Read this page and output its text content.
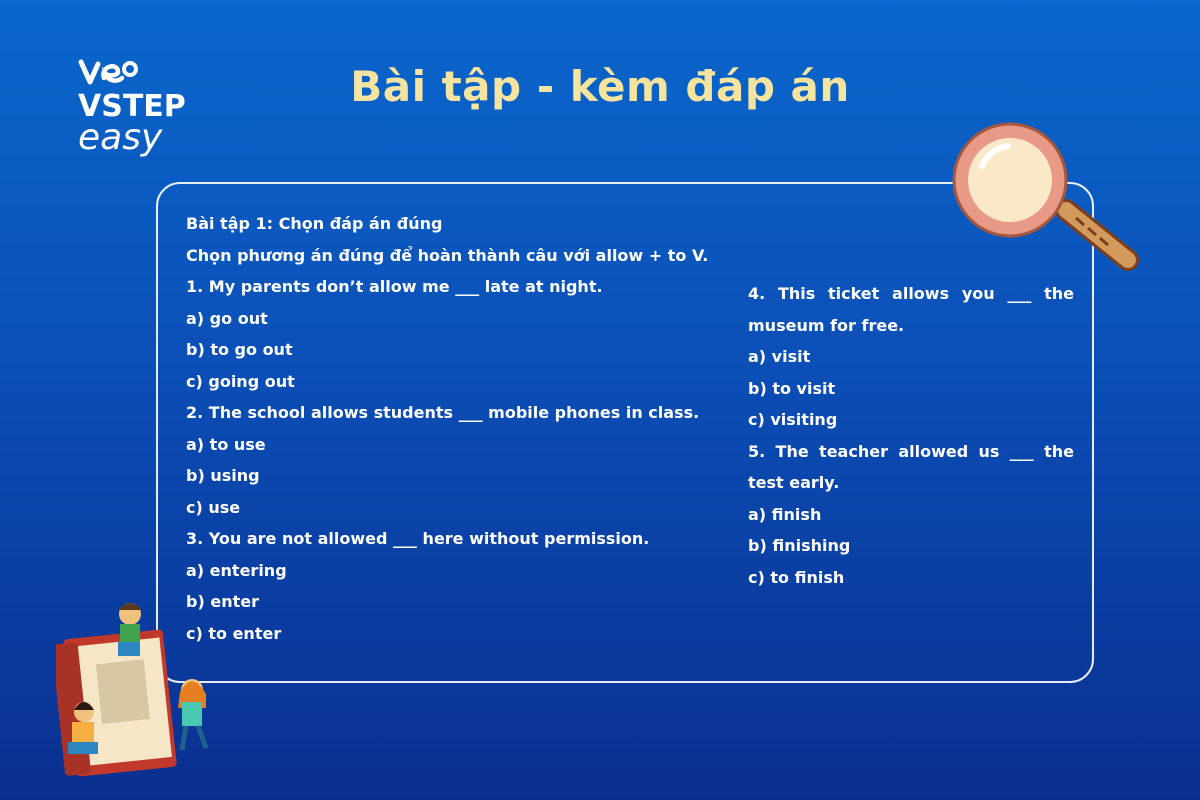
VSTEP
easy
Bài tập - kèm đáp án
Bài tập 1: Chọn đáp án đúng
Chọn phương án đúng để hoàn thành câu với allow + to V.
1. My parents don’t allow me ___ late at night.
a) go out
b) to go out
c) going out
2. The school allows students ___ mobile phones in class.
a) to use
b) using
c) use
3. You are not allowed ___ here without permission.
a) entering
b) enter
c) to enter
4. This ticket allows you ___ the
museum for free.
a) visit
b) to visit
c) visiting
5. The teacher allowed us ___ the
test early.
a) finish
b) finishing
c) to finish
